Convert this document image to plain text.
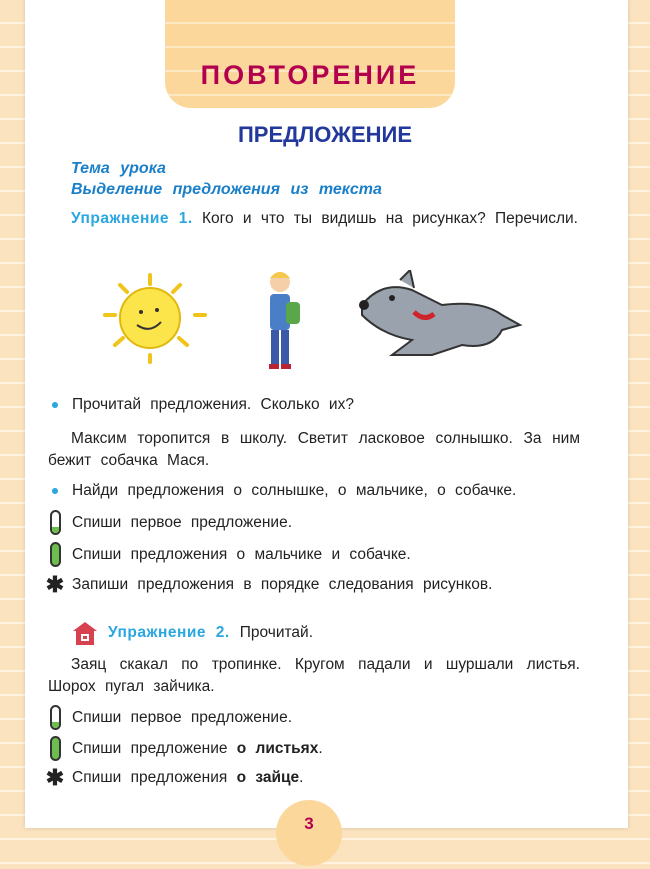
ПОВТОРЕНИЕ
ПРЕДЛОЖЕНИЕ
Тема урока
Выделение предложения из текста
Упражнение 1. Кого и что ты видишь на рисунках? Перечисли.
Прочитай предложения. Сколько их?
Максим торопится в школу. Светит ласковое солнышко. За ним бежит собачка Мася.
Найди предложения о солнышке, о мальчике, о собачке.
Спиши первое предложение.
Спиши предложения о мальчике и собачке.
✱ Запиши предложения в порядке следования рисунков.
Упражнение 2. Прочитай.
Заяц скакал по тропинке. Кругом падали и шуршали листья. Шорох пугал зайчика.
Спиши первое предложение.
Спиши предложение о листьях.
✱ Спиши предложения о зайце.
3
